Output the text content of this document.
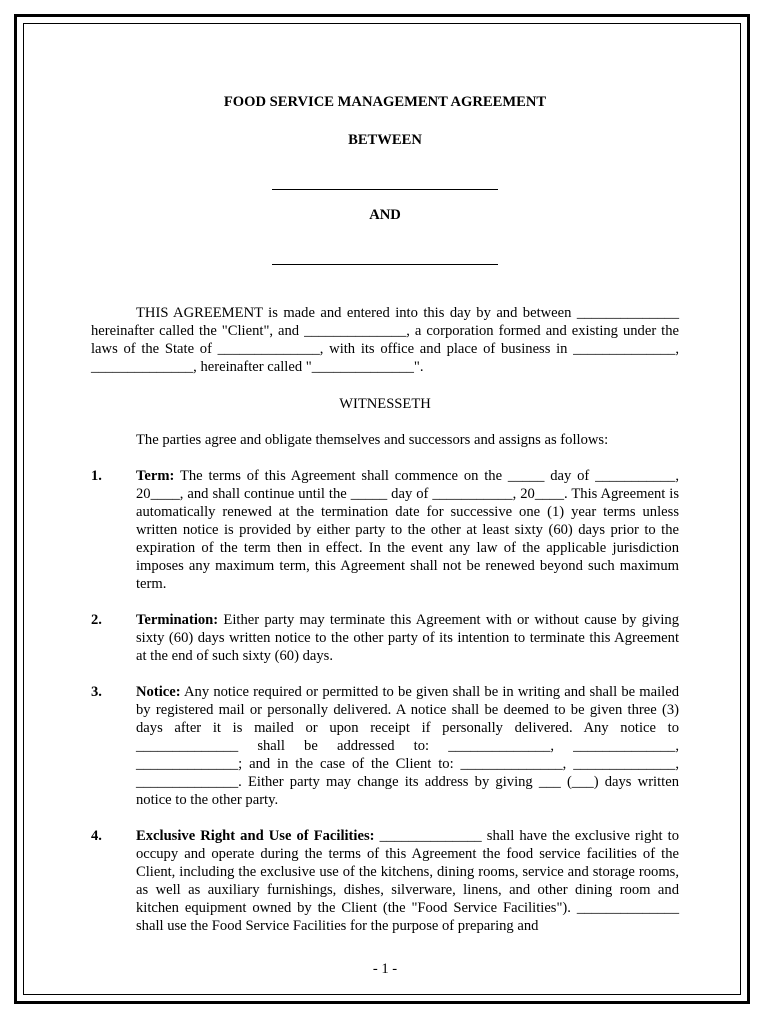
FOOD SERVICE MANAGEMENT AGREEMENT

BETWEEN
AND
THIS AGREEMENT is made and entered into this day by and between ______________ hereinafter called the "Client", and ______________, a corporation formed and existing under the laws of the State of ______________, with its office and place of business in ______________, ______________, hereinafter called "______________".
WITNESSETH
The parties agree and obligate themselves and successors and assigns as follows:
1. Term: The terms of this Agreement shall commence on the _____ day of ___________, 20____, and shall continue until the _____ day of ___________, 20____. This Agreement is automatically renewed at the termination date for successive one (1) year terms unless written notice is provided by either party to the other at least sixty (60) days prior to the expiration of the term then in effect. In the event any law of the applicable jurisdiction imposes any maximum term, this Agreement shall not be renewed beyond such maximum term.

2. Termination: Either party may terminate this Agreement with or without cause by giving sixty (60) days written notice to the other party of its intention to terminate this Agreement at the end of such sixty (60) days.

3. Notice: Any notice required or permitted to be given shall be in writing and shall be mailed by registered mail or personally delivered. A notice shall be deemed to be given three (3) days after it is mailed or upon receipt if personally delivered. Any notice to ______________ shall be addressed to: ______________, ______________, ______________; and in the case of the Client to: ______________, ______________, ______________. Either party may change its address by giving ___ (___) days written notice to the other party.

4. Exclusive Right and Use of Facilities: ______________ shall have the exclusive right to occupy and operate during the terms of this Agreement the food service facilities of the Client, including the exclusive use of the kitchens, dining rooms, service and storage rooms, as well as auxiliary furnishings, dishes, silverware, linens, and other dining room and kitchen equipment owned by the Client (the "Food Service Facilities"). ______________ shall use the Food Service Facilities for the purpose of preparing and

- 1 -
